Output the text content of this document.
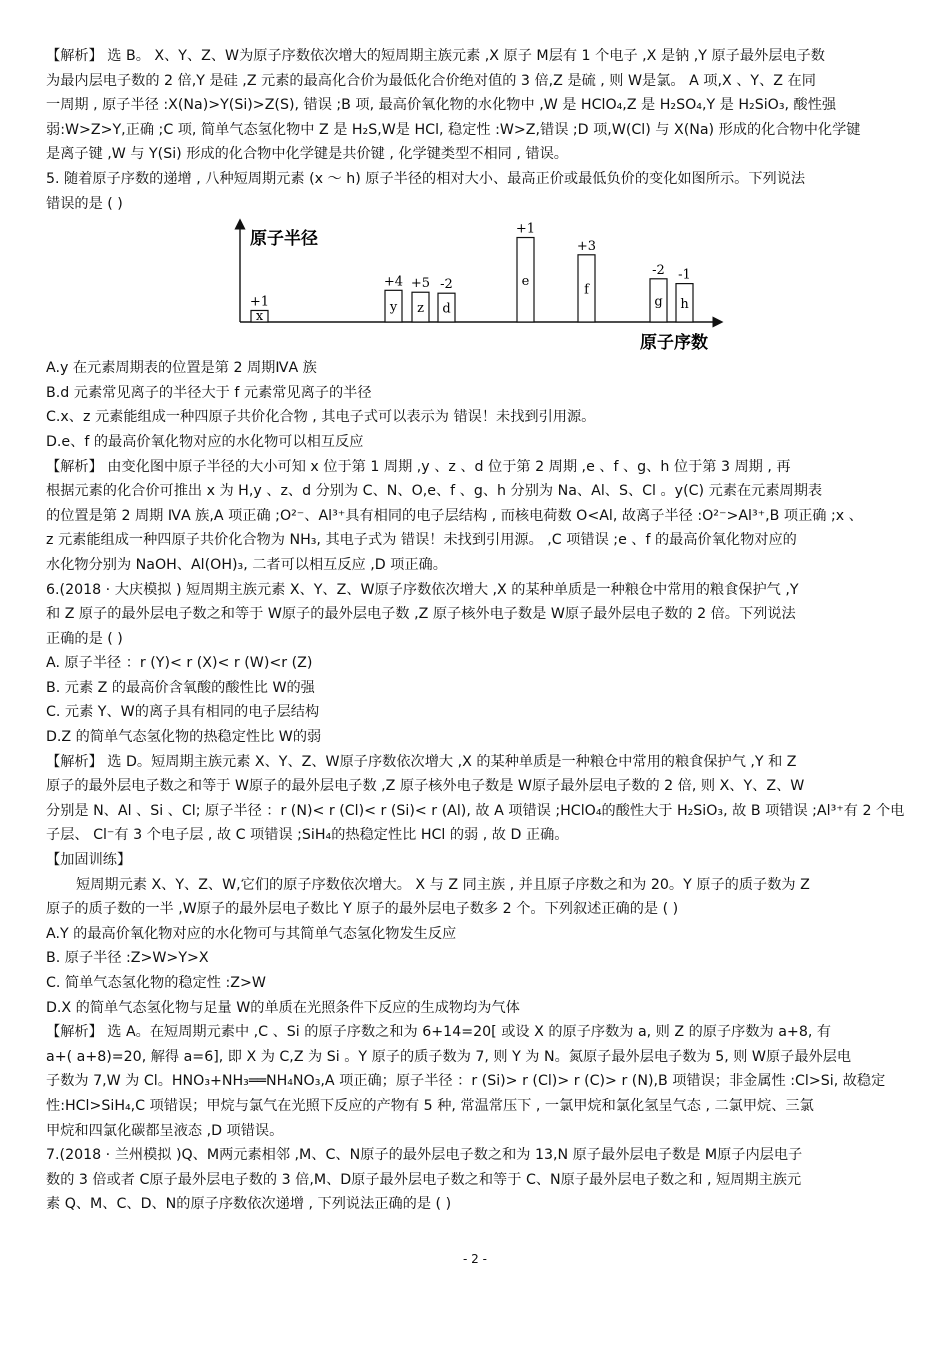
【解析】 选 B。 X、Y、Z、W为原子序数依次增大的短周期主族元素 ,X 原子 M层有 1 个电子 ,X 是钠 ,Y 原子最外层电子数

为最内层电子数的 2 倍,Y 是硅 ,Z 元素的最高化合价为最低化合价绝对值的 3 倍,Z 是硫 , 则 W是氯。 A 项,X 、Y、Z 在同

一周期 , 原子半径 :X(Na)>Y(Si)>Z(S), 错误 ;B 项, 最高价氧化物的水化物中 ,W 是 HClO₄,Z 是 H₂SO₄,Y 是 H₂SiO₃, 酸性强

弱:W>Z>Y,正确 ;C 项, 简单气态氢化物中 Z 是 H₂S,W是 HCl, 稳定性 :W>Z,错误 ;D 项,W(Cl) 与 X(Na) 形成的化合物中化学键

是离子键 ,W 与 Y(Si) 形成的化合物中化学键是共价键 , 化学键类型不相同 , 错误。

5. 随着原子序数的递增 , 八种短周期元素 (x ～ h) 原子半径的相对大小、最高正价或最低负价的变化如图所示。下列说法

错误的是 ( )

原子半径
原子序数
x
+1	y
+4
z
+5
d
-2	e
+1
f
+3
g
-2
h
-1

A.y 在元素周期表的位置是第 2 周期ⅣA 族

B.d 元素常见离子的半径大于 f 元素常见离子的半径

C.x、z 元素能组成一种四原子共价化合物 , 其电子式可以表示为 错误！未找到引用源。

D.e、f 的最高价氧化物对应的水化物可以相互反应

【解析】 由变化图中原子半径的大小可知 x 位于第 1 周期 ,y 、z 、d 位于第 2 周期 ,e 、f 、g、h 位于第 3 周期 , 再

根据元素的化合价可推出 x 为 H,y 、z、d 分别为 C、N、O,e、f 、g、h 分别为 Na、Al、S、Cl 。y(C) 元素在元素周期表

的位置是第 2 周期 ⅣA 族,A 项正确 ;O²⁻、Al³⁺具有相同的电子层结构 , 而核电荷数 O<Al, 故离子半径 :O²⁻>Al³⁺,B 项正确 ;x 、

z 元素能组成一种四原子共价化合物为 NH₃, 其电子式为 错误！未找到引用源。 ,C 项错误 ;e 、f 的最高价氧化物对应的

水化物分别为 NaOH、Al(OH)₃, 二者可以相互反应 ,D 项正确。

6.(2018 · 大庆模拟 ) 短周期主族元素 X、Y、Z、W原子序数依次增大 ,X 的某种单质是一种粮仓中常用的粮食保护气 ,Y

和 Z 原子的最外层电子数之和等于 W原子的最外层电子数 ,Z 原子核外电子数是 W原子最外层电子数的 2 倍。下列说法

正确的是 ( )

A. 原子半径 ：r (Y)< r (X)< r (W)<r (Z)

B. 元素 Z 的最高价含氧酸的酸性比 W的强

C. 元素 Y、W的离子具有相同的电子层结构

D.Z 的简单气态氢化物的热稳定性比 W的弱

【解析】 选 D。短周期主族元素 X、Y、Z、W原子序数依次增大 ,X 的某种单质是一种粮仓中常用的粮食保护气 ,Y 和 Z

原子的最外层电子数之和等于 W原子的最外层电子数 ,Z 原子核外电子数是 W原子最外层电子数的 2 倍, 则 X、Y、Z、W

分别是 N、Al 、Si 、Cl; 原子半径 ：r (N)< r (Cl)< r (Si)< r (Al), 故 A 项错误 ;HClO₄的酸性大于 H₂SiO₃, 故 B 项错误 ;Al³⁺有 2 个电

子层、 Cl⁻有 3 个电子层 , 故 C 项错误 ;SiH₄的热稳定性比 HCl 的弱 , 故 D 正确。

【加固训练】

短周期元素 X、Y、Z、W,它们的原子序数依次增大。 X 与 Z 同主族 , 并且原子序数之和为 20。Y 原子的质子数为 Z

原子的质子数的一半 ,W原子的最外层电子数比 Y 原子的最外层电子数多 2 个。下列叙述正确的是 ( )

A.Y 的最高价氧化物对应的水化物可与其简单气态氢化物发生反应

B. 原子半径 :Z>W>Y>X

C. 简单气态氢化物的稳定性 :Z>W

D.X 的简单气态氢化物与足量 W的单质在光照条件下反应的生成物均为气体

【解析】 选 A。在短周期元素中 ,C 、Si 的原子序数之和为 6+14=20[ 或设 X 的原子序数为 a, 则 Z 的原子序数为 a+8, 有

a+( a+8)=20, 解得 a=6], 即 X 为 C,Z 为 Si 。Y 原子的质子数为 7, 则 Y 为 N。氮原子最外层电子数为 5, 则 W原子最外层电

子数为 7,W 为 Cl。HNO₃+NH₃══NH₄NO₃,A 项正确；原子半径 ：r (Si)> r (Cl)> r (C)> r (N),B 项错误；非金属性 :Cl>Si, 故稳定

性:HCl>SiH₄,C 项错误；甲烷与氯气在光照下反应的产物有 5 种, 常温常压下 , 一氯甲烷和氯化氢呈气态 , 二氯甲烷、三氯

甲烷和四氯化碳都呈液态 ,D 项错误。

7.(2018 · 兰州模拟 )Q、M两元素相邻 ,M、C、N原子的最外层电子数之和为 13,N 原子最外层电子数是 M原子内层电子

数的 3 倍或者 C原子最外层电子数的 3 倍,M、D原子最外层电子数之和等于 C、N原子最外层电子数之和 , 短周期主族元

素 Q、M、C、D、N的原子序数依次递增 , 下列说法正确的是 ( )

- 2 -
